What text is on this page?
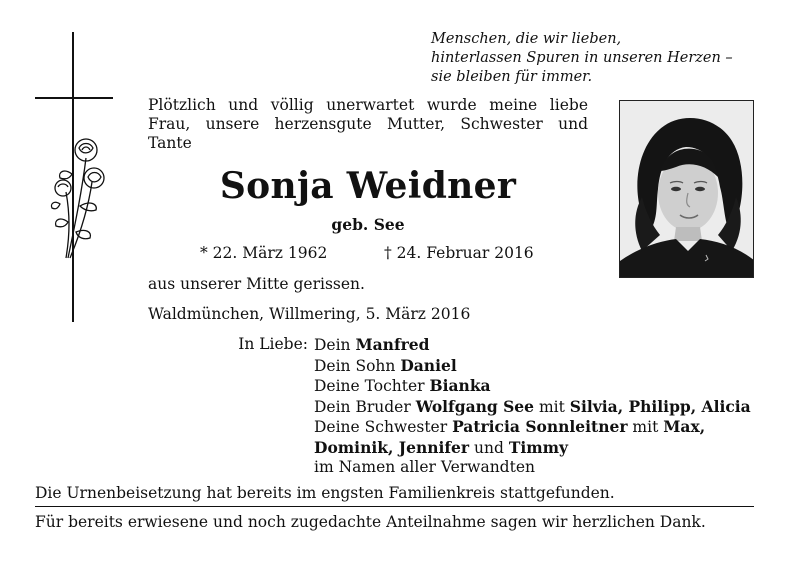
Menschen, die wir lieben,
hinterlassen Spuren in unseren Herzen –
sie bleiben für immer.
Plötzlich und völlig unerwartet wurde meine liebe
Frau, unsere herzensgute Mutter, Schwester und
Tante
Sonja Weidner
geb. See
* 22. März 1962	† 24. Februar 2016
aus unserer Mitte gerissen.
Waldmünchen, Willmering, 5. März 2016
In Liebe: Dein Manfred
Dein Sohn Daniel
Deine Tochter Bianka
Dein Bruder Wolfgang See mit Silvia, Philipp, Alicia
Deine Schwester Patricia Sonnleitner mit Max,
Dominik, Jennifer und Timmy
im Namen aller Verwandten
Die Urnenbeisetzung hat bereits im engsten Familienkreis stattgefunden.
Für bereits erwiesene und noch zugedachte Anteilnahme sagen wir herzlichen Dank.
